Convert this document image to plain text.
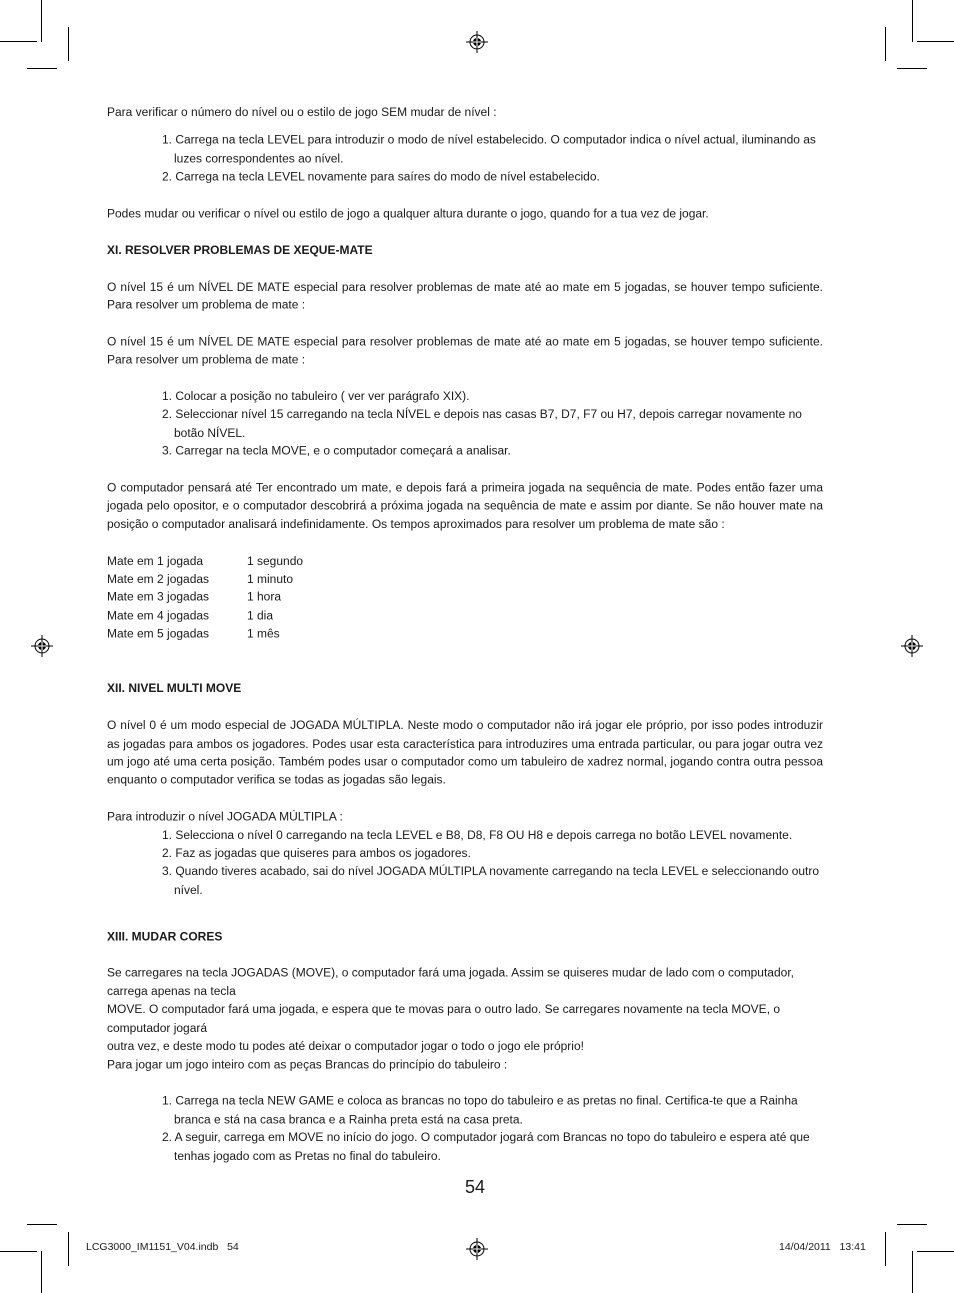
Para verificar o número do nível ou o estilo de jogo SEM mudar de nível :

1. Carrega na tecla LEVEL para introduzir o modo de nível estabelecido. O computador indica o nível actual, iluminando as luzes correspondentes ao nível.
2. Carrega na tecla LEVEL novamente para saíres do modo de nível estabelecido.

Podes mudar ou verificar o nível ou estilo de jogo a qualquer altura durante o jogo, quando for a tua vez de jogar.

XI. RESOLVER PROBLEMAS DE XEQUE-MATE

O nível 15 é um NÍVEL DE MATE especial para resolver problemas de mate até ao mate em 5 jogadas, se houver tempo suficiente. Para resolver um problema de mate :

O nível 15 é um NÍVEL DE MATE especial para resolver problemas de mate até ao mate em 5 jogadas, se houver tempo suficiente. Para resolver um problema de mate :

1. Colocar a posição no tabuleiro ( ver ver parágrafo XIX).
2. Seleccionar nível 15 carregando na tecla NÍVEL e depois nas casas B7, D7, F7 ou H7, depois carregar novamente no botão NÍVEL.
3. Carregar na tecla MOVE, e o computador começará a analisar.

O computador pensará até Ter encontrado um mate, e depois fará a primeira jogada na sequência de mate. Podes então fazer uma jogada pelo opositor, e o computador descobrirá a próxima jogada na sequência de mate e assim por diante. Se não houver mate na posição o computador analisará indefinidamente. Os tempos aproximados para resolver um problema de mate são :

Mate em 1 jogada	1 segundo
Mate em 2 jogadas	1 minuto
Mate em 3 jogadas	1 hora
Mate em 4 jogadas	1 dia
Mate em 5 jogadas	1 mês

XII. NIVEL MULTI MOVE

O nível 0 é um modo especial de JOGADA MÚLTIPLA. Neste modo o computador não irá jogar ele próprio, por isso podes introduzir as jogadas para ambos os jogadores. Podes usar esta característica para introduzires uma entrada particular, ou para jogar outra vez um jogo até uma certa posição. Também podes usar o computador como um tabuleiro de xadrez normal, jogando contra outra pessoa enquanto o computador verifica se todas as jogadas são legais.

Para introduzir o nível JOGADA MÚLTIPLA :

1. Selecciona o nível 0 carregando na tecla LEVEL e B8, D8, F8 OU H8 e depois carrega no botão LEVEL novamente.
2. Faz as jogadas que quiseres para ambos os jogadores.
3. Quando tiveres acabado, sai do nível JOGADA MÚLTIPLA novamente carregando na tecla LEVEL e seleccionando outro nível.

XIII. MUDAR CORES

Se carregares na tecla JOGADAS (MOVE), o computador fará uma jogada. Assim se quiseres mudar de lado com o computador, carrega apenas na tecla

MOVE. O computador fará uma jogada, e espera que te movas para o outro lado. Se carregares novamente na tecla MOVE, o computador jogará

outra vez, e deste modo tu podes até deixar o computador jogar o todo o jogo ele próprio!

Para jogar um jogo inteiro com as peças Brancas do princípio do tabuleiro :

1. Carrega na tecla NEW GAME e coloca as brancas no topo do tabuleiro e as pretas no final. Certifica-te que a Rainha branca e stá na casa branca e a Rainha preta está na casa preta.
2. A seguir, carrega em MOVE no início do jogo. O computador jogará com Brancas no topo do tabuleiro e espera até que tenhas jogado com as Pretas no final do tabuleiro.
54
LCG3000_IM1151_V04.indb   54	14/04/2011   13:41
